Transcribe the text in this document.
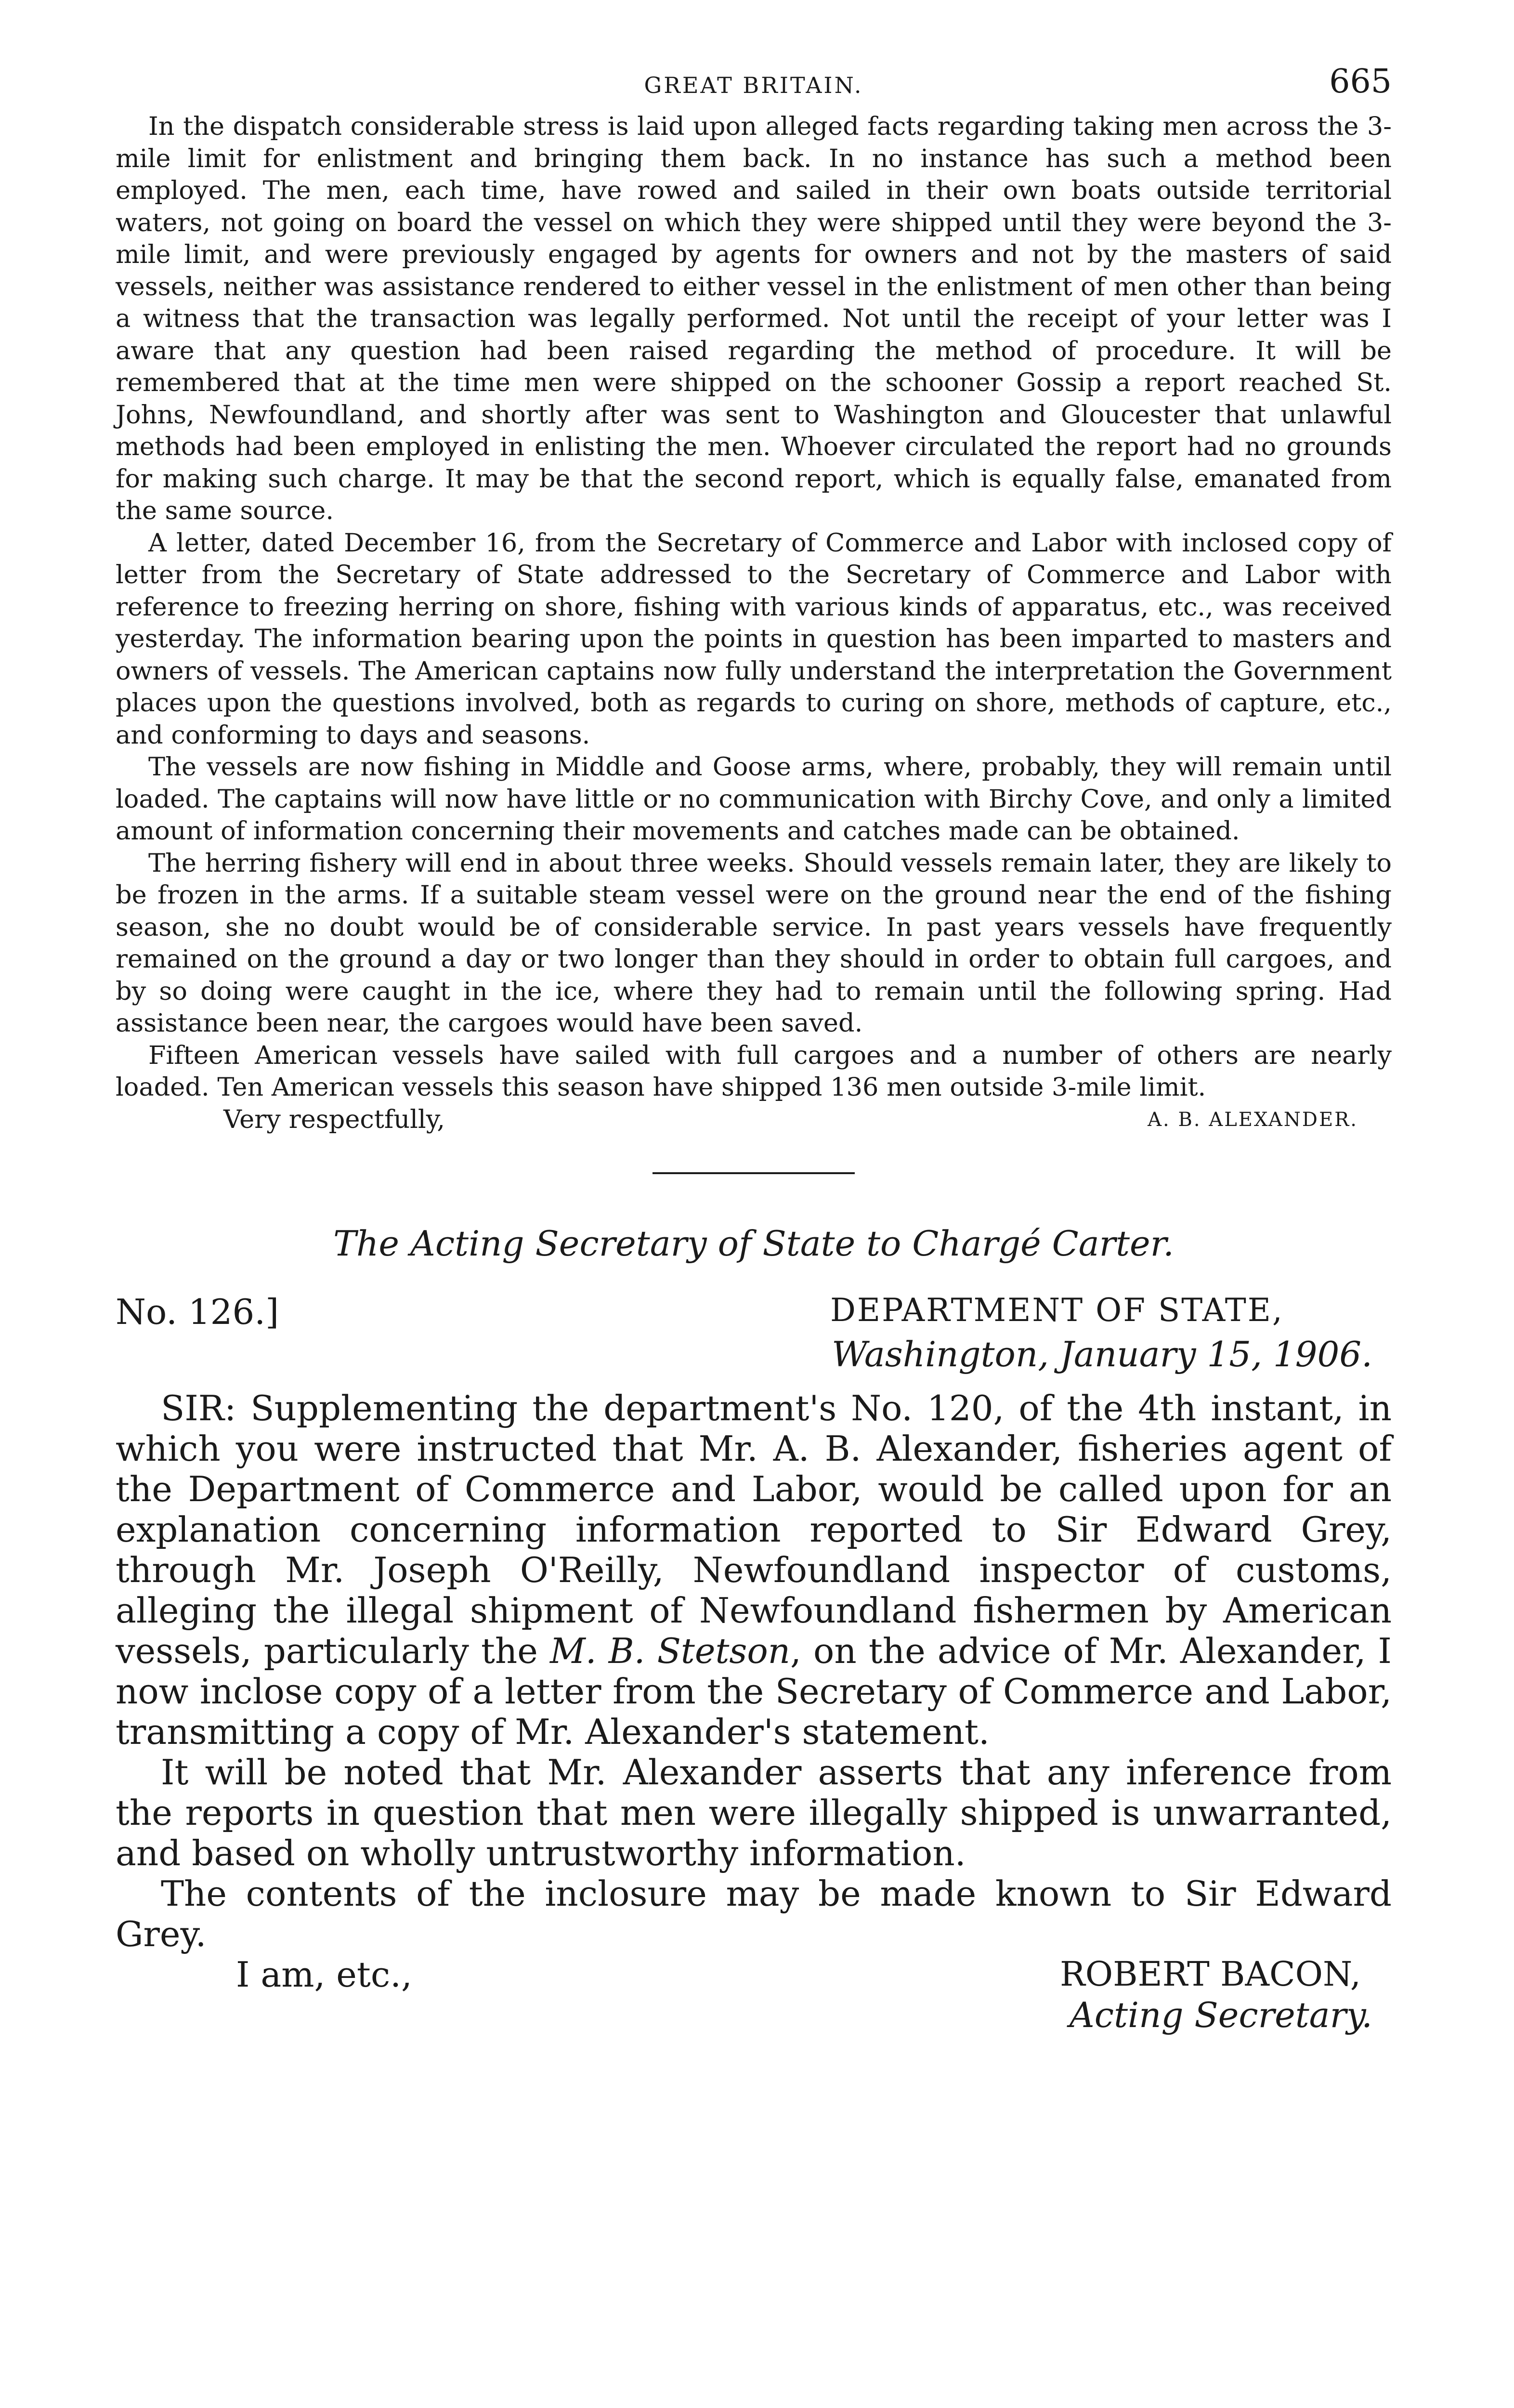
GREAT BRITAIN.	665

In the dispatch considerable stress is laid upon alleged facts regarding taking men across the 3-mile limit for enlistment and bringing them back. In no instance has such a method been employed. The men, each time, have rowed and sailed in their own boats outside territorial waters, not going on board the vessel on which they were shipped until they were beyond the 3-mile limit, and were previously engaged by agents for owners and not by the masters of said vessels, neither was assistance rendered to either vessel in the enlistment of men other than being a witness that the transaction was legally performed. Not until the receipt of your letter was I aware that any question had been raised regarding the method of procedure. It will be remembered that at the time men were shipped on the schooner Gossip a report reached St. Johns, Newfoundland, and shortly after was sent to Washington and Gloucester that unlawful methods had been employed in enlisting the men. Whoever circulated the report had no grounds for making such charge. It may be that the second report, which is equally false, emanated from the same source.

A letter, dated December 16, from the Secretary of Commerce and Labor with inclosed copy of letter from the Secretary of State addressed to the Secretary of Commerce and Labor with reference to freezing herring on shore, fishing with various kinds of apparatus, etc., was received yesterday. The information bearing upon the points in question has been imparted to masters and owners of vessels. The American captains now fully understand the interpretation the Government places upon the questions involved, both as regards to curing on shore, methods of capture, etc., and conforming to days and seasons.

The vessels are now fishing in Middle and Goose arms, where, probably, they will remain until loaded. The captains will now have little or no communication with Birchy Cove, and only a limited amount of information concerning their movements and catches made can be obtained.

The herring fishery will end in about three weeks. Should vessels remain later, they are likely to be frozen in the arms. If a suitable steam vessel were on the ground near the end of the fishing season, she no doubt would be of considerable service. In past years vessels have frequently remained on the ground a day or two longer than they should in order to obtain full cargoes, and by so doing were caught in the ice, where they had to remain until the following spring. Had assistance been near, the cargoes would have been saved.

Fifteen American vessels have sailed with full cargoes and a number of others are nearly loaded. Ten American vessels this season have shipped 136 men outside 3-mile limit.

Very respectfully,	A. B. ALEXANDER.
The Acting Secretary of State to Chargé Carter.
No. 126.]	DEPARTMENT OF STATE,
Washington, January 15, 1906.

SIR: Supplementing the department's No. 120, of the 4th instant, in which you were instructed that Mr. A. B. Alexander, fisheries agent of the Department of Commerce and Labor, would be called upon for an explanation concerning information reported to Sir Edward Grey, through Mr. Joseph O'Reilly, Newfoundland inspector of customs, alleging the illegal shipment of Newfoundland fishermen by American vessels, particularly the M. B. Stetson, on the advice of Mr. Alexander, I now inclose copy of a letter from the Secretary of Commerce and Labor, transmitting a copy of Mr. Alexander's statement.

It will be noted that Mr. Alexander asserts that any inference from the reports in question that men were illegally shipped is unwarranted, and based on wholly untrustworthy information.

The contents of the inclosure may be made known to Sir Edward Grey.

I am, etc.,	ROBERT BACON,
Acting Secretary.
